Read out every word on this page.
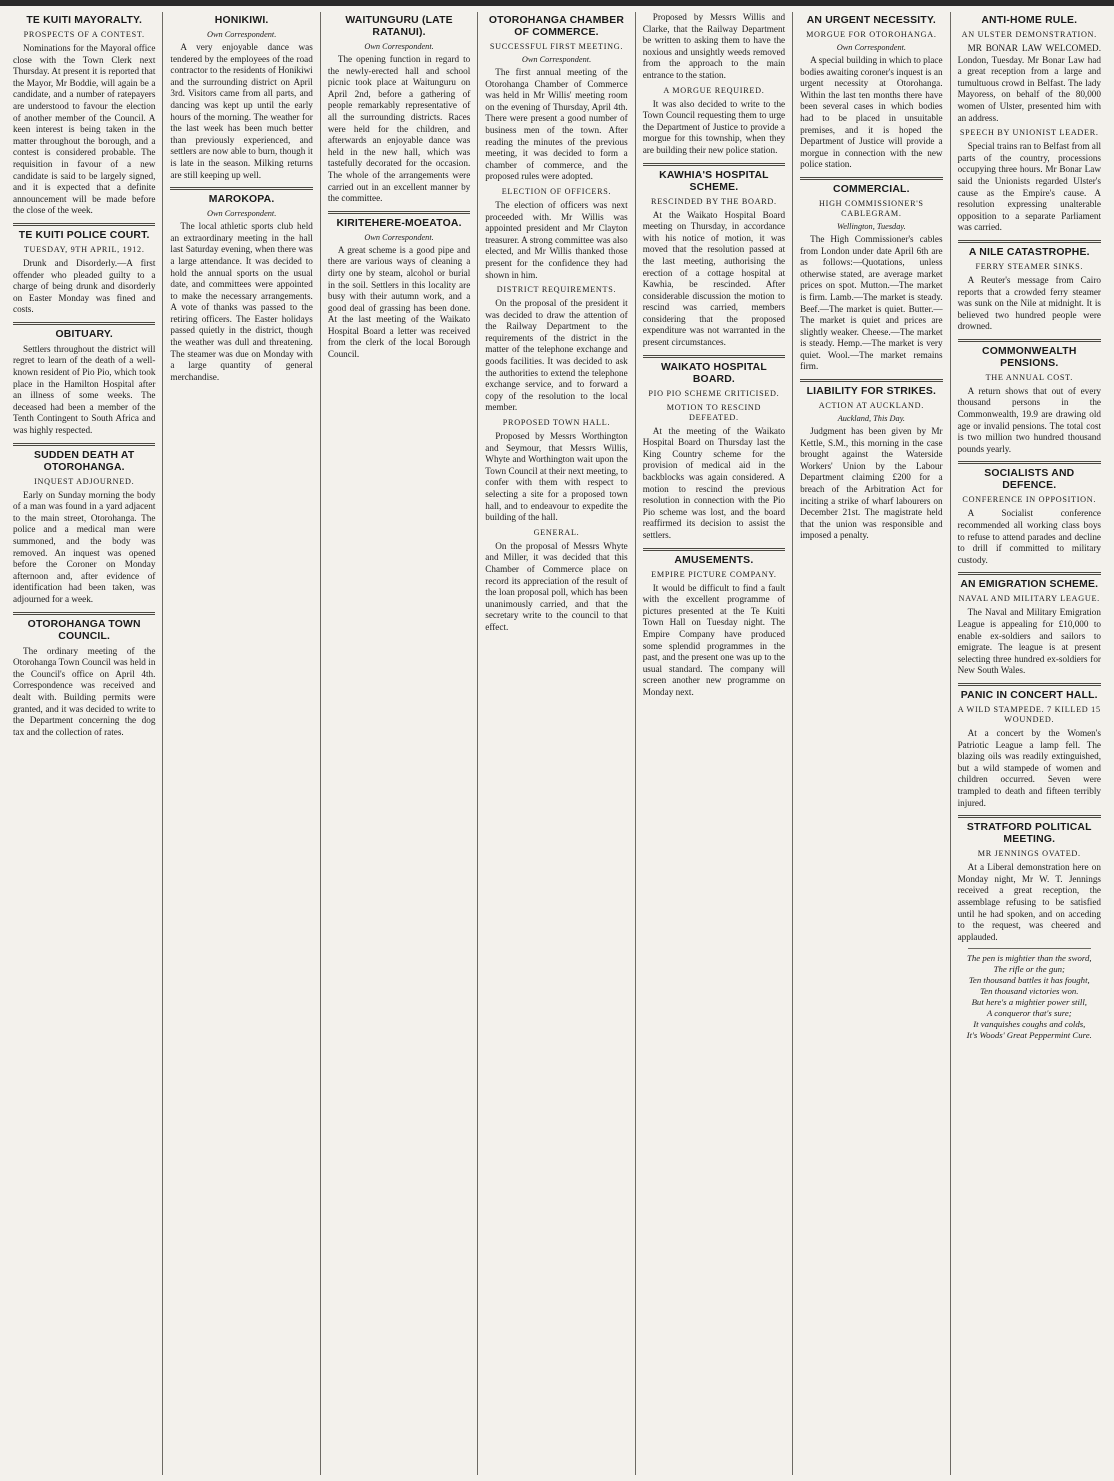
TE KUITI MAYORALTY.
PROSPECTS OF A CONTEST.
Nominations for the Mayoral office close with the Town Clerk next Thursday. At present it is reported that the Mayor, Mr Boddie, will again be a candidate, and a number of ratepayers are understood to favour the election of another member of the Council. A keen interest is being taken in the matter throughout the borough, and a contest is considered probable. The requisition in favour of a new candidate is said to be largely signed, and it is expected that a definite announcement will be made before the close of the week.
TE KUITI POLICE COURT.
TUESDAY, 9TH APRIL, 1912.
Drunk and Disorderly.—A first offender who pleaded guilty to a charge of being drunk and disorderly on Easter Monday was fined and costs.
OBITUARY.
Settlers throughout the district will regret to learn of the death of a well-known resident of Pio Pio, which took place in the Hamilton Hospital after an illness of some weeks. The deceased had been a member of the Tenth Contingent to South Africa and was highly respected.
SUDDEN DEATH AT OTOROHANGA.
INQUEST ADJOURNED.
Early on Sunday morning the body of a man was found in a yard adjacent to the main street, Otorohanga. The police and a medical man were summoned, and the body was removed. An inquest was opened before the Coroner on Monday afternoon and, after evidence of identification had been taken, was adjourned for a week.
OTOROHANGA TOWN COUNCIL.
The ordinary meeting of the Otorohanga Town Council was held in the Council's office on April 4th. Correspondence was received and dealt with. Building permits were granted, and it was decided to write to the Department concerning the dog tax and the collection of rates.
HONIKIWI.
Own Correspondent.
A very enjoyable dance was tendered by the employees of the road contractor to the residents of Honikiwi and the surrounding district on April 3rd. Visitors came from all parts, and dancing was kept up until the early hours of the morning. The weather for the last week has been much better than previously experienced, and settlers are now able to burn, though it is late in the season. Milking returns are still keeping up well.
MAROKOPA.
Own Correspondent.
The local athletic sports club held an extraordinary meeting in the hall last Saturday evening, when there was a large attendance. It was decided to hold the annual sports on the usual date, and committees were appointed to make the necessary arrangements. A vote of thanks was passed to the retiring officers. The Easter holidays passed quietly in the district, though the weather was dull and threatening. The steamer was due on Monday with a large quantity of general merchandise.
WAITUNGURU (LATE RATANUI).
Own Correspondent.
The opening function in regard to the newly-erected hall and school picnic took place at Waitunguru on April 2nd, before a gathering of people remarkably representative of all the surrounding districts. Races were held for the children, and afterwards an enjoyable dance was held in the new hall, which was tastefully decorated for the occasion. The whole of the arrangements were carried out in an excellent manner by the committee.
KIRITEHERE-MOEATOA.
Own Correspondent.
A great scheme is a good pipe and there are various ways of cleaning a dirty one by steam, alcohol or burial in the soil. Settlers in this locality are busy with their autumn work, and a good deal of grassing has been done. At the last meeting of the Waikato Hospital Board a letter was received from the clerk of the local Borough Council.
OTOROHANGA CHAMBER OF COMMERCE.
SUCCESSFUL FIRST MEETING.
Own Correspondent.
The first annual meeting of the Otorohanga Chamber of Commerce was held in Mr Willis' meeting room on the evening of Thursday, April 4th. There were present a good number of business men of the town. After reading the minutes of the previous meeting, it was decided to form a chamber of commerce, and the proposed rules were adopted.
ELECTION OF OFFICERS.
The election of officers was next proceeded with. Mr Willis was appointed president and Mr Clayton treasurer. A strong committee was also elected, and Mr Willis thanked those present for the confidence they had shown in him.
DISTRICT REQUIREMENTS.
On the proposal of the president it was decided to draw the attention of the Railway Department to the requirements of the district in the matter of the telephone exchange and goods facilities. It was decided to ask the authorities to extend the telephone exchange service, and to forward a copy of the resolution to the local member.
PROPOSED TOWN HALL.
Proposed by Messrs Worthington and Seymour, that Messrs Willis, Whyte and Worthington wait upon the Town Council at their next meeting, to confer with them with respect to selecting a site for a proposed town hall, and to endeavour to expedite the building of the hall.
GENERAL.
On the proposal of Messrs Whyte and Miller, it was decided that this Chamber of Commerce place on record its appreciation of the result of the loan proposal poll, which has been unanimously carried, and that the secretary write to the council to that effect.
Proposed by Messrs Willis and Clarke, that the Railway Department be written to asking them to have the noxious and unsightly weeds removed from the approach to the main entrance to the station.
A MORGUE REQUIRED.
It was also decided to write to the Town Council requesting them to urge the Department of Justice to provide a morgue for this township, when they are building their new police station.
KAWHIA'S HOSPITAL SCHEME.
RESCINDED BY THE BOARD.
At the Waikato Hospital Board meeting on Thursday, in accordance with his notice of motion, it was moved that the resolution passed at the last meeting, authorising the erection of a cottage hospital at Kawhia, be rescinded. After considerable discussion the motion to rescind was carried, members considering that the proposed expenditure was not warranted in the present circumstances.
WAIKATO HOSPITAL BOARD.
PIO PIO SCHEME CRITICISED.
MOTION TO RESCIND DEFEATED.
At the meeting of the Waikato Hospital Board on Thursday last the King Country scheme for the provision of medical aid in the backblocks was again considered. A motion to rescind the previous resolution in connection with the Pio Pio scheme was lost, and the board reaffirmed its decision to assist the settlers.
AMUSEMENTS.
EMPIRE PICTURE COMPANY.
It would be difficult to find a fault with the excellent programme of pictures presented at the Te Kuiti Town Hall on Tuesday night. The Empire Company have produced some splendid programmes in the past, and the present one was up to the usual standard. The company will screen another new programme on Monday next.
AN URGENT NECESSITY.
MORGUE FOR OTOROHANGA.
Own Correspondent.
A special building in which to place bodies awaiting coroner's inquest is an urgent necessity at Otorohanga. Within the last ten months there have been several cases in which bodies had to be placed in unsuitable premises, and it is hoped the Department of Justice will provide a morgue in connection with the new police station.
COMMERCIAL.
HIGH COMMISSIONER'S CABLEGRAM.
Wellington, Tuesday.
The High Commissioner's cables from London under date April 6th are as follows:—Quotations, unless otherwise stated, are average market prices on spot. Mutton.—The market is firm. Lamb.—The market is steady. Beef.—The market is quiet. Butter.—The market is quiet and prices are slightly weaker. Cheese.—The market is steady. Hemp.—The market is very quiet. Wool.—The market remains firm.
LIABILITY FOR STRIKES.
ACTION AT AUCKLAND.
Auckland, This Day.
Judgment has been given by Mr Kettle, S.M., this morning in the case brought against the Waterside Workers' Union by the Labour Department claiming £200 for a breach of the Arbitration Act for inciting a strike of wharf labourers on December 21st. The magistrate held that the union was responsible and imposed a penalty.
ANTI-HOME RULE.
AN ULSTER DEMONSTRATION.
MR BONAR LAW WELCOMED. London, Tuesday. Mr Bonar Law had a great reception from a large and tumultuous crowd in Belfast. The lady Mayoress, on behalf of the 80,000 women of Ulster, presented him with an address.
SPEECH BY UNIONIST LEADER.
Special trains ran to Belfast from all parts of the country, processions occupying three hours. Mr Bonar Law said the Unionists regarded Ulster's cause as the Empire's cause. A resolution expressing unalterable opposition to a separate Parliament was carried.
A NILE CATASTROPHE.
FERRY STEAMER SINKS.
A Reuter's message from Cairo reports that a crowded ferry steamer was sunk on the Nile at midnight. It is believed two hundred people were drowned.
COMMONWEALTH PENSIONS.
THE ANNUAL COST.
A return shows that out of every thousand persons in the Commonwealth, 19.9 are drawing old age or invalid pensions. The total cost is two million two hundred thousand pounds yearly.
SOCIALISTS AND DEFENCE.
CONFERENCE IN OPPOSITION.
A Socialist conference recommended all working class boys to refuse to attend parades and decline to drill if committed to military custody.
AN EMIGRATION SCHEME.
NAVAL AND MILITARY LEAGUE.
The Naval and Military Emigration League is appealing for £10,000 to enable ex-soldiers and sailors to emigrate. The league is at present selecting three hundred ex-soldiers for New South Wales.
PANIC IN CONCERT HALL.
A WILD STAMPEDE. 7 KILLED 15 WOUNDED.
At a concert by the Women's Patriotic League a lamp fell. The blazing oils was readily extinguished, but a wild stampede of women and children occurred. Seven were trampled to death and fifteen terribly injured.
STRATFORD POLITICAL MEETING.
MR JENNINGS OVATED.
At a Liberal demonstration here on Monday night, Mr W. T. Jennings received a great reception, the assemblage refusing to be satisfied until he had spoken, and on acceding to the request, was cheered and applauded.

The pen is mightier than the sword,

The rifle or the gun;

Ten thousand battles it has fought,

Ten thousand victories won.

But here's a mightier power still,

A conqueror that's sure;

It vanquishes coughs and colds,

It's Woods' Great Peppermint Cure.
